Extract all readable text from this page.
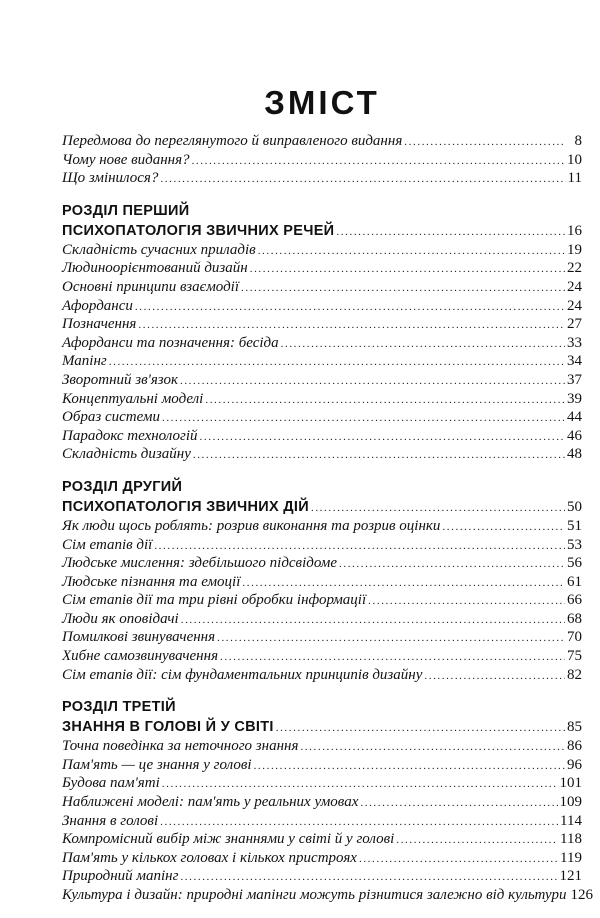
ЗМІСТ
Передмова до переглянутого й виправленого видання .....	8
Чому нове видання? .....	10
Що змінилося? .....	11
РОЗДІЛ ПЕРШИЙ
ПСИХОПАТОЛОГІЯ ЗВИЧНИХ РЕЧЕЙ .....	16
Складність сучасних приладів .....	19
Людиноорієнтований дизайн .....	22
Основні принципи взаємодії .....	24
Афорданси .....	24
Позначення .....	27
Афорданси та позначення: бесіда .....	33
Мапінг .....	34
Зворотний зв'язок .....	37
Концептуальні моделі .....	39
Образ системи .....	44
Парадокс технологій .....	46
Складність дизайну .....	48
РОЗДІЛ ДРУГИЙ
ПСИХОПАТОЛОГІЯ ЗВИЧНИХ ДІЙ .....	50
Як люди щось роблять: розрив виконання та розрив оцінки .....	51
Сім етапів дії .....	53
Людське мислення: здебільшого підсвідоме .....	56
Людське пізнання та емоції .....	61
Сім етапів дії та три рівні обробки інформації .....	66
Люди як оповідачі .....	68
Помилкові звинувачення .....	70
Хибне самозвинувачення .....	75
Сім етапів дії: сім фундаментальних принципів дизайну .....	82
РОЗДІЛ ТРЕТІЙ
ЗНАННЯ В ГОЛОВІ Й У СВІТІ .....	85
Точна поведінка за неточного знання .....	86
Пам'ять — це знання у голові .....	96
Будова пам'яті .....	101
Наближені моделі: пам'ять у реальних умовах .....	109
Знання в голові .....	114
Компромісний вибір між знаннями у світі й у голові .....	118
Пам'ять у кількох головах і кількох пристроях .....	119
Природний мапінг .....	121
Культура і дизайн: природні мапінги можуть різнитися залежно від культури 126
